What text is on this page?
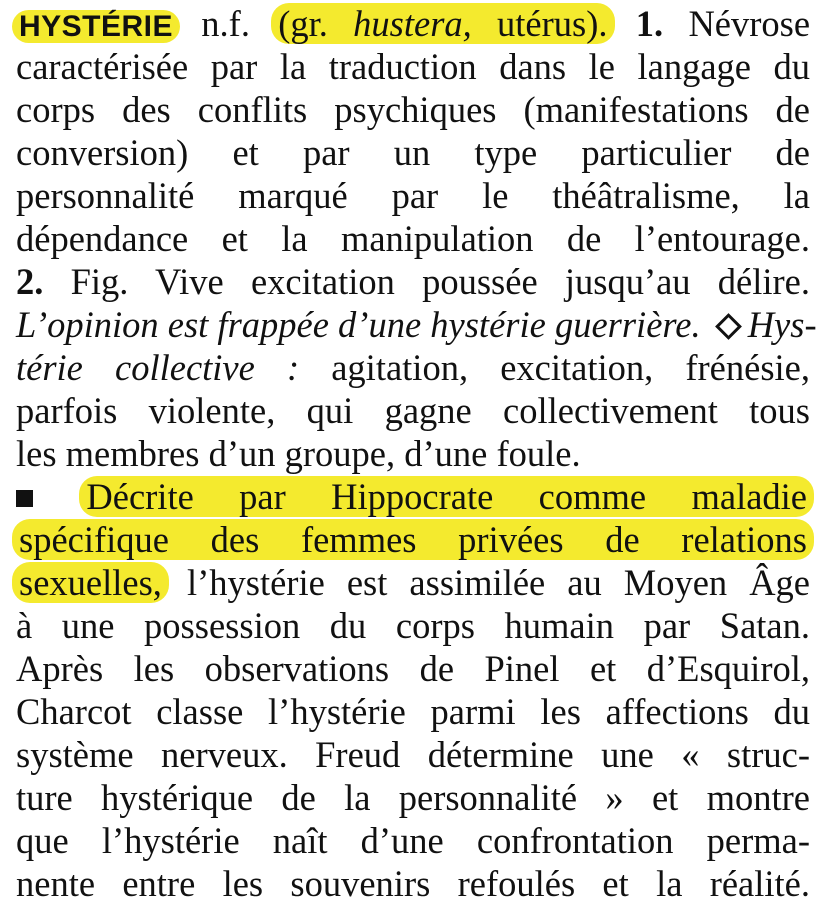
HYSTÉRIE n.f. (gr. hustera, utérus). 1. Névrose
caractérisée par la traduction dans le langage du
corps des conflits psychiques (manifestations de
conversion) et par un type particulier de
personnalité marqué par le théâtralisme, la
dépendance et la manipulation de l’entourage.
2. Fig. Vive excitation poussée jusqu’au délire.
L’opinion est frappée d’une hystérie guerrière. Hys-
térie collective : agitation, excitation, frénésie,
parfois violente, qui gagne collectivement tous
les membres d’un groupe, d’une foule.
Décrite par Hippocrate comme maladie
spécifique des femmes privées de relations
sexuelles, l’hystérie est assimilée au Moyen Âge
à une possession du corps humain par Satan.
Après les observations de Pinel et d’Esquirol,
Charcot classe l’hystérie parmi les affections du
système nerveux. Freud détermine une « struc-
ture hystérique de la personnalité » et montre
que l’hystérie naît d’une confrontation perma-
nente entre les souvenirs refoulés et la réalité.
